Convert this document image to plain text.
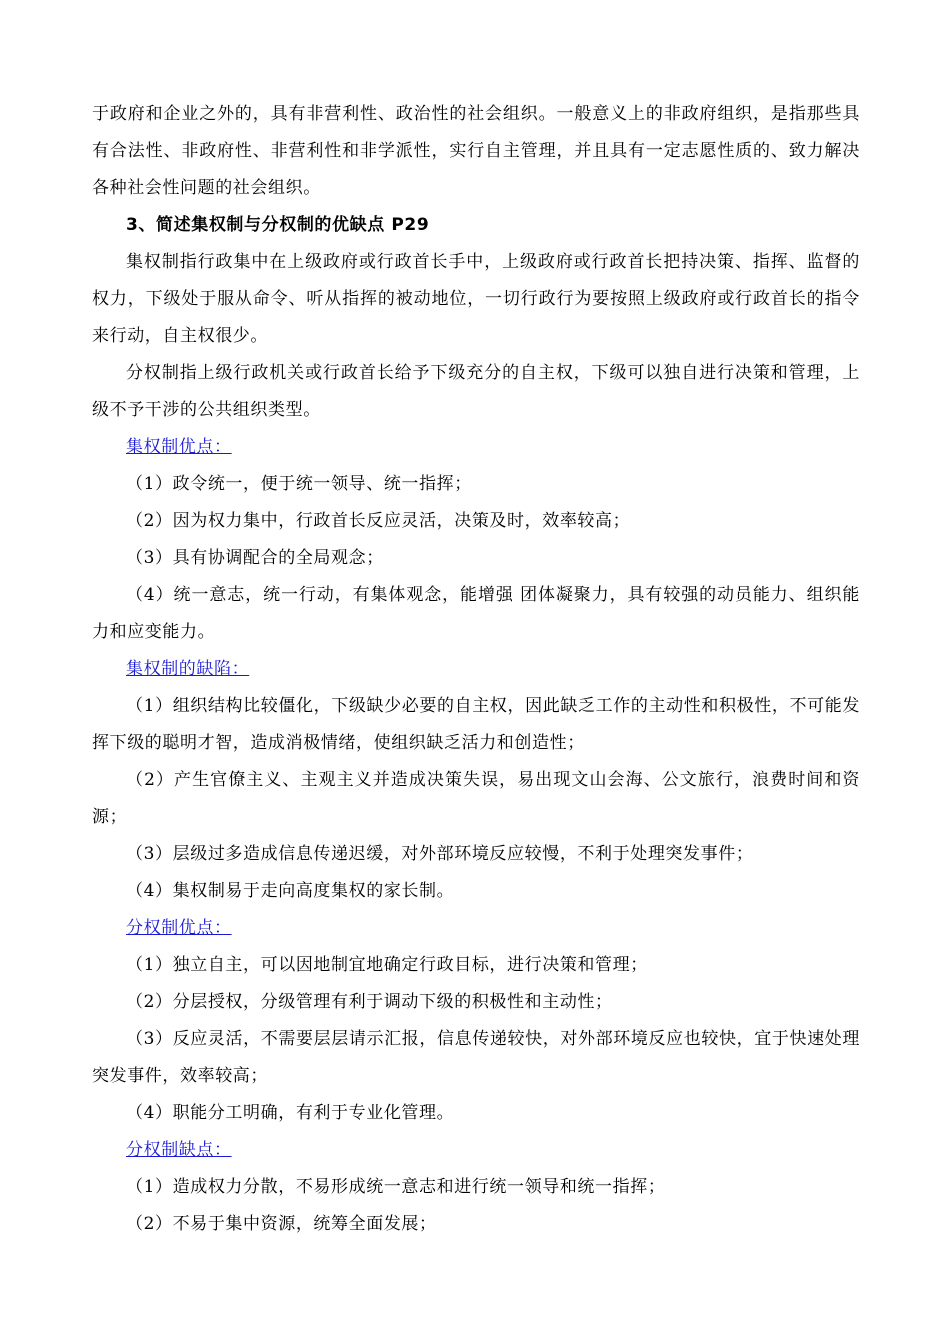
于政府和企业之外的，具有非营利性、政治性的社会组织。一般意义上的非政府组织，是指那些具有合法性、非政府性、非营利性和非学派性，实行自主管理，并且具有一定志愿性质的、致力解决各种社会性问题的社会组织。

3、简述集权制与分权制的优缺点 P29

集权制指行政集中在上级政府或行政首长手中，上级政府或行政首长把持决策、指挥、监督的权力，下级处于服从命令、听从指挥的被动地位，一切行政行为要按照上级政府或行政首长的指令来行动，自主权很少。

分权制指上级行政机关或行政首长给予下级充分的自主权，下级可以独自进行决策和管理，上级不予干涉的公共组织类型。

集权制优点：

（1）政令统一，便于统一领导、统一指挥；

（2）因为权力集中，行政首长反应灵活，决策及时，效率较高；

（3）具有协调配合的全局观念；

（4）统一意志，统一行动，有集体观念，能增强 团体凝聚力，具有较强的动员能力、组织能力和应变能力。

集权制的缺陷：

（1）组织结构比较僵化，下级缺少必要的自主权，因此缺乏工作的主动性和积极性，不可能发挥下级的聪明才智，造成消极情绪，使组织缺乏活力和创造性；

（2）产生官僚主义、主观主义并造成决策失误，易出现文山会海、公文旅行，浪费时间和资源；

（3）层级过多造成信息传递迟缓，对外部环境反应较慢，不利于处理突发事件；

（4）集权制易于走向高度集权的家长制。

分权制优点：

（1）独立自主，可以因地制宜地确定行政目标，进行决策和管理；

（2）分层授权，分级管理有利于调动下级的积极性和主动性；

（3）反应灵活，不需要层层请示汇报，信息传递较快，对外部环境反应也较快，宜于快速处理突发事件，效率较高；

（4）职能分工明确，有利于专业化管理。

分权制缺点：

（1）造成权力分散，不易形成统一意志和进行统一领导和统一指挥；

（2）不易于集中资源，统筹全面发展；
